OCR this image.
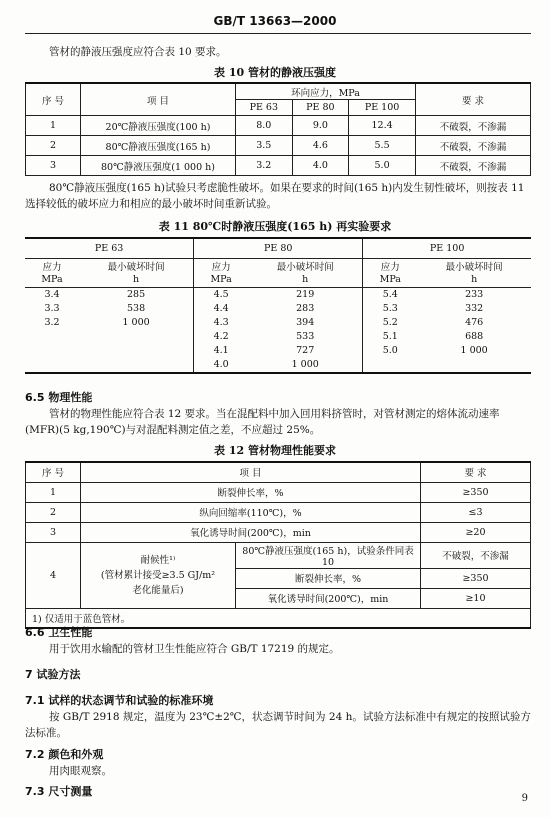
GB/T 13663—2000
管材的静液压强度应符合表 10 要求。
表 10 管材的静液压强度
序 号	项 目	环向应力，MPa			要 求
		PE 63	PE 80	PE 100	
1	20℃静液压强度(100 h)	8.0	9.0	12.4	不破裂，不渗漏
2	80℃静液压强度(165 h)	3.5	4.6	5.5	不破裂，不渗漏
3	80℃静液压强度(1 000 h)	3.2	4.0	5.0	不破裂，不渗漏
80℃静液压强度(165 h)试验只考虑脆性破坏。如果在要求的时间(165 h)内发生韧性破坏，则按表 11 选择较低的破坏应力和相应的最小破坏时间重新试验。
表 11 80℃时静液压强度(165 h) 再实验要求
PE 63		PE 80		PE 100	
应力	最小破坏时间	应力	最小破坏时间	应力	最小破坏时间
MPa	h	MPa	h	MPa	h
3.4	285	4.5	219	5.4	233
3.3	538	4.4	283	5.3	332
3.2	1 000	4.3	394	5.2	476
		4.2	533	5.1	688
		4.1	727	5.0	1 000
		4.0	1 000		
6.5 物理性能
管材的物理性能应符合表 12 要求。当在混配料中加入回用料挤管时，对管材测定的熔体流动速率(MFR)(5 kg,190℃)与对混配料测定值之差，不应超过 25%。
表 12 管材物理性能要求
序 号	项 目		要 求
1	断裂伸长率，%		≥350
2	纵向回缩率(110℃)，%		≤3
3	氧化诱导时间(200℃)，min		≥20
4	耐候性¹⁾
(管材累计接受≥3.5 GJ/m²
老化能量后)	80℃静液压强度(165 h)，试验条件同表 10	不破裂，不渗漏
		断裂伸长率，%	≥350
		氧化诱导时间(200℃)，min	≥10
1) 仅适用于蓝色管材。			
6.6 卫生性能
用于饮用水输配的管材卫生性能应符合 GB/T 17219 的规定。
7 试验方法
7.1 试样的状态调节和试验的标准环境
按 GB/T 2918 规定，温度为 23℃±2℃，状态调节时间为 24 h。试验方法标准中有规定的按照试验方法标准。
7.2 颜色和外观
用肉眼观察。
7.3 尺寸测量
9
